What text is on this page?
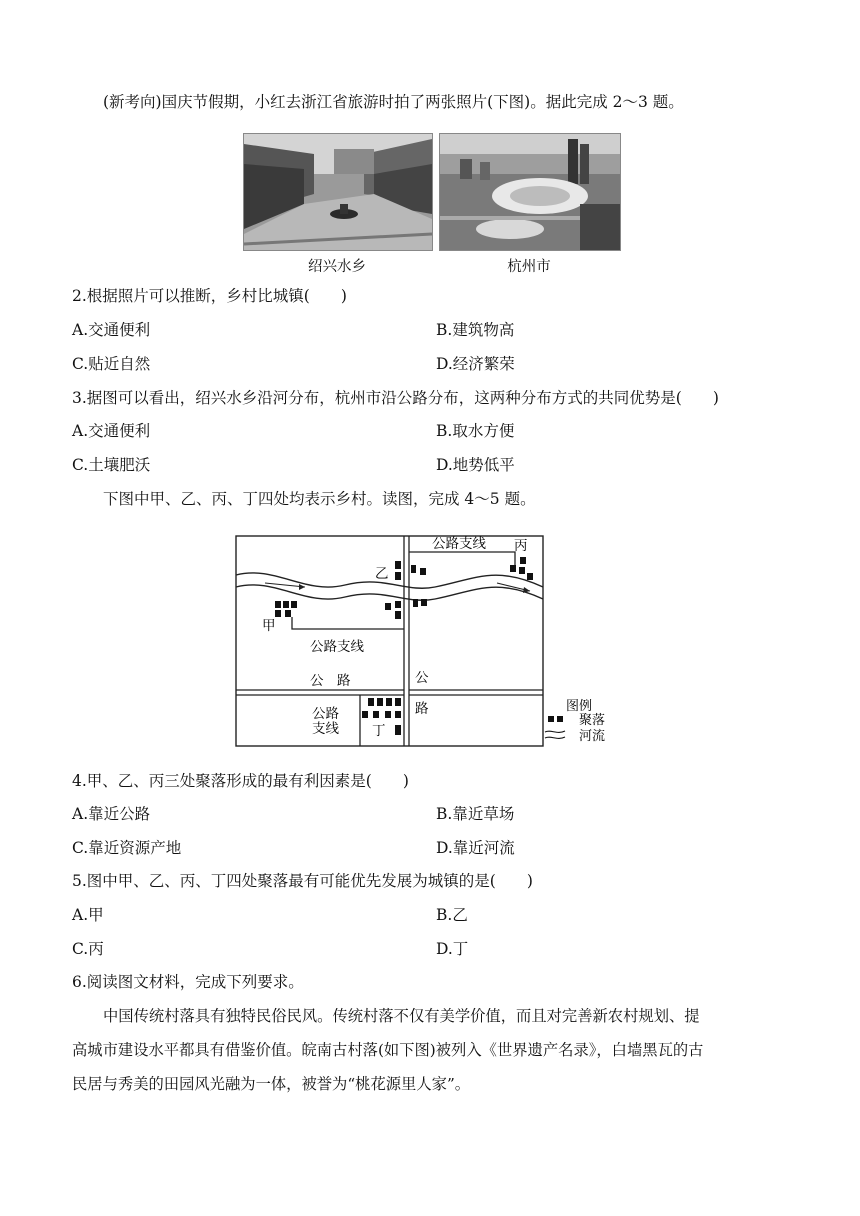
(新考向)国庆节假期，小红去浙江省旅游时拍了两张照片(下图)。据此完成 2～3 题。
绍兴水乡	杭州市
2.根据照片可以推断，乡村比城镇(　　)
A.交通便利	B.建筑物高
C.贴近自然	D.经济繁荣
3.据图可以看出，绍兴水乡沿河分布，杭州市沿公路分布，这两种分布方式的共同优势是(　　)
A.交通便利	B.取水方便
C.土壤肥沃	D.地势低平
下图中甲、乙、丙、丁四处均表示乡村。读图，完成 4～5 题。
公路支线 丙
乙
甲
公路支线
公　路	公
路
公路
支线 丁
图例
聚落
河流
4.甲、乙、丙三处聚落形成的最有利因素是(　　)
A.靠近公路	B.靠近草场
C.靠近资源产地	D.靠近河流
5.图中甲、乙、丙、丁四处聚落最有可能优先发展为城镇的是(　　)
A.甲	B.乙
C.丙	D.丁
6.阅读图文材料，完成下列要求。
中国传统村落具有独特民俗民风。传统村落不仅有美学价值，而且对完善新农村规划、提
高城市建设水平都具有借鉴价值。皖南古村落(如下图)被列入《世界遗产名录》，白墙黑瓦的古
民居与秀美的田园风光融为一体，被誉为“桃花源里人家”。
